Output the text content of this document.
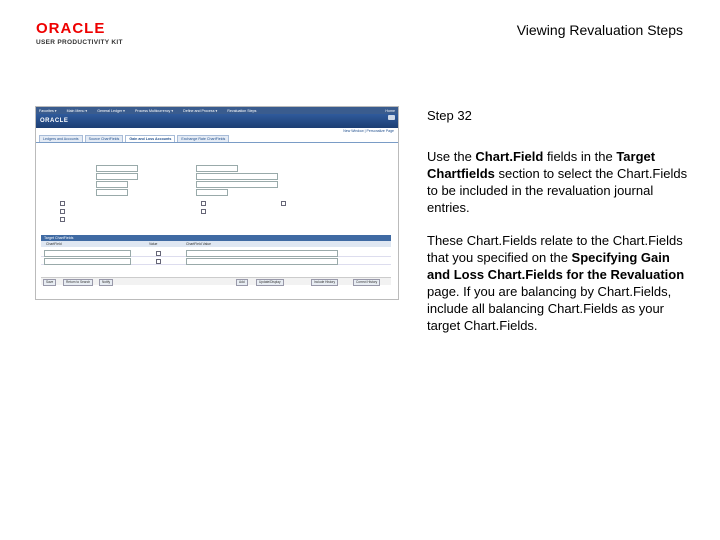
ORACLE
USER PRODUCTIVITY KIT
Viewing Revaluation Steps
Favorites ▾	Main Menu ▾	General Ledger ▾	Process Multicurrency ▾	Define and Process ▾	Revaluation Steps	Home
ORACLE
New Window | Personalize Page
Ledgers and Accounts	Source ChartFields	Gain and Loss Accounts	Exchange Rate ChartFields
Target ChartFields
ChartField	Value	ChartField Value
Save	Return to Search	Notify	Add	Update/Display	Include History	Correct History
Step 32
Use the Chart.Field fields in the Target Chartfields section to select the Chart.Fields to be included in the revaluation journal entries.
These Chart.Fields relate to the Chart.Fields that you specified on the Specifying Gain and Loss Chart.Fields for the Revaluation page. If you are balancing by Chart.Fields, include all balancing Chart.Fields as your target Chart.Fields.
